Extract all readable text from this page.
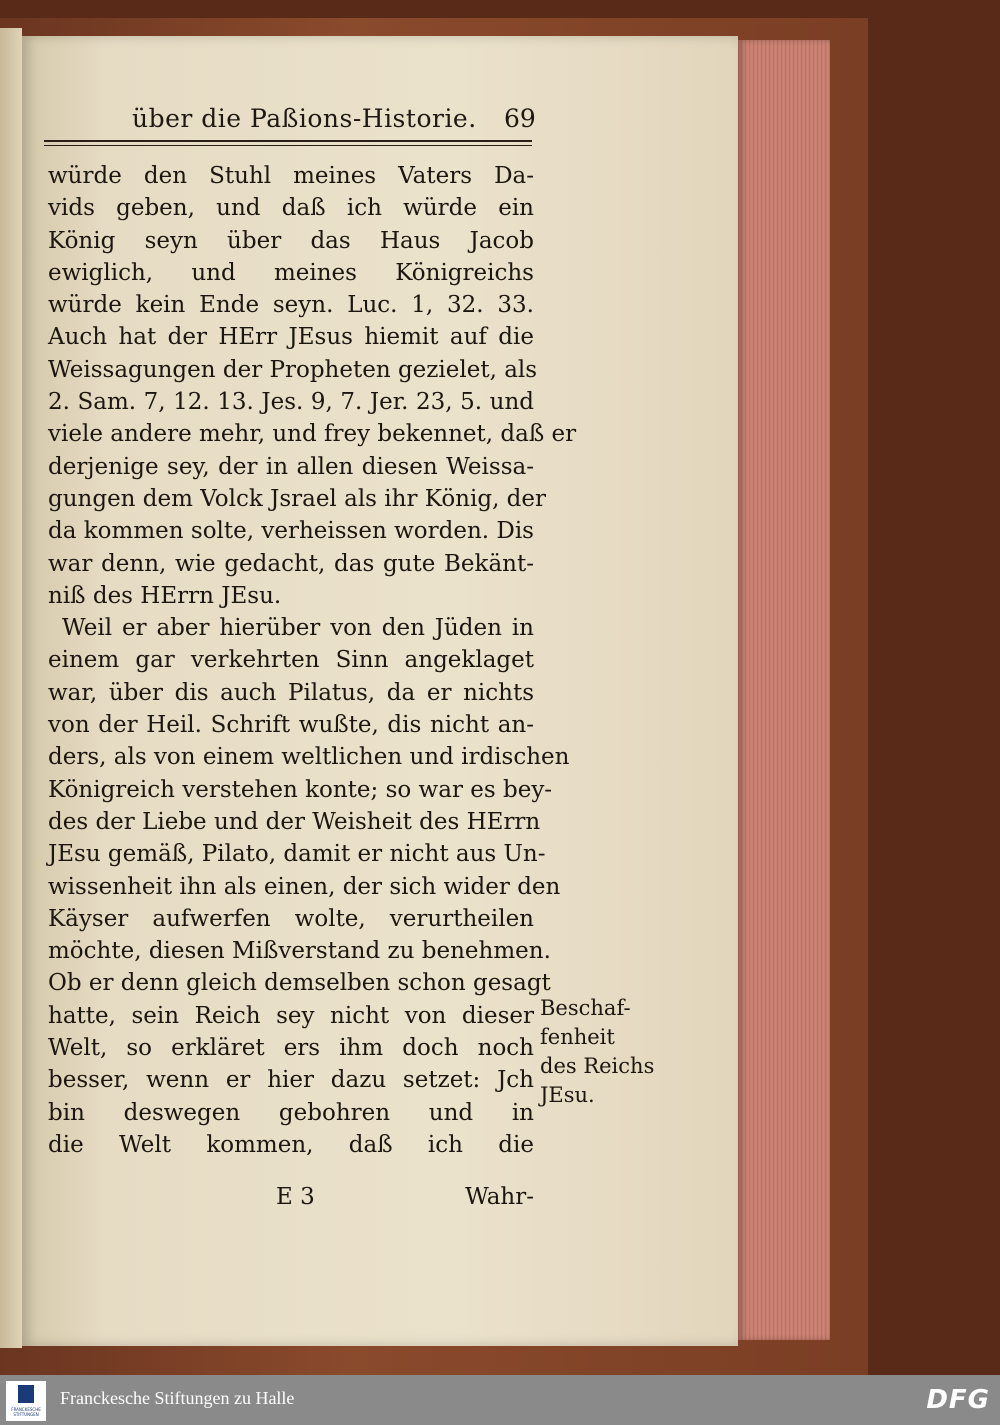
über die Paßions-Historie. 69
würde den Stuhl meines Vaters Da-
vids geben, und daß ich würde ein
König seyn über das Haus Jacob
ewiglich, und meines Königreichs
würde kein Ende seyn. Luc. 1, 32. 33.
Auch hat der HErr JEsus hiemit auf die
Weissagungen der Propheten gezielet, als
2. Sam. 7, 12. 13. Jes. 9, 7. Jer. 23, 5. und
viele andere mehr, und frey bekennet, daß er
derjenige sey, der in allen diesen Weissa-
gungen dem Volck Jsrael als ihr König, der
da kommen solte, verheissen worden. Dis
war denn, wie gedacht, das gute Bekänt-
niß des HErrn JEsu.
Weil er aber hierüber von den Jüden in
einem gar verkehrten Sinn angeklaget
war, über dis auch Pilatus, da er nichts
von der Heil. Schrift wußte, dis nicht an-
ders, als von einem weltlichen und irdischen
Königreich verstehen konte; so war es bey-
des der Liebe und der Weisheit des HErrn
JEsu gemäß, Pilato, damit er nicht aus Un-
wissenheit ihn als einen, der sich wider den
Käyser aufwerfen wolte, verurtheilen
möchte, diesen Mißverstand zu benehmen.
Ob er denn gleich demselben schon gesagt
hatte, sein Reich sey nicht von dieser
Welt, so erkläret ers ihm doch noch
besser, wenn er hier dazu setzet: Jch
bin deswegen gebohren und in
die Welt kommen, daß ich die
Beschaf-
fenheit
des Reichs
JEsu.
E 3	Wahr-
FRANCKESCHE STIFTUNGEN
Franckesche Stiftungen zu Halle	DFG
